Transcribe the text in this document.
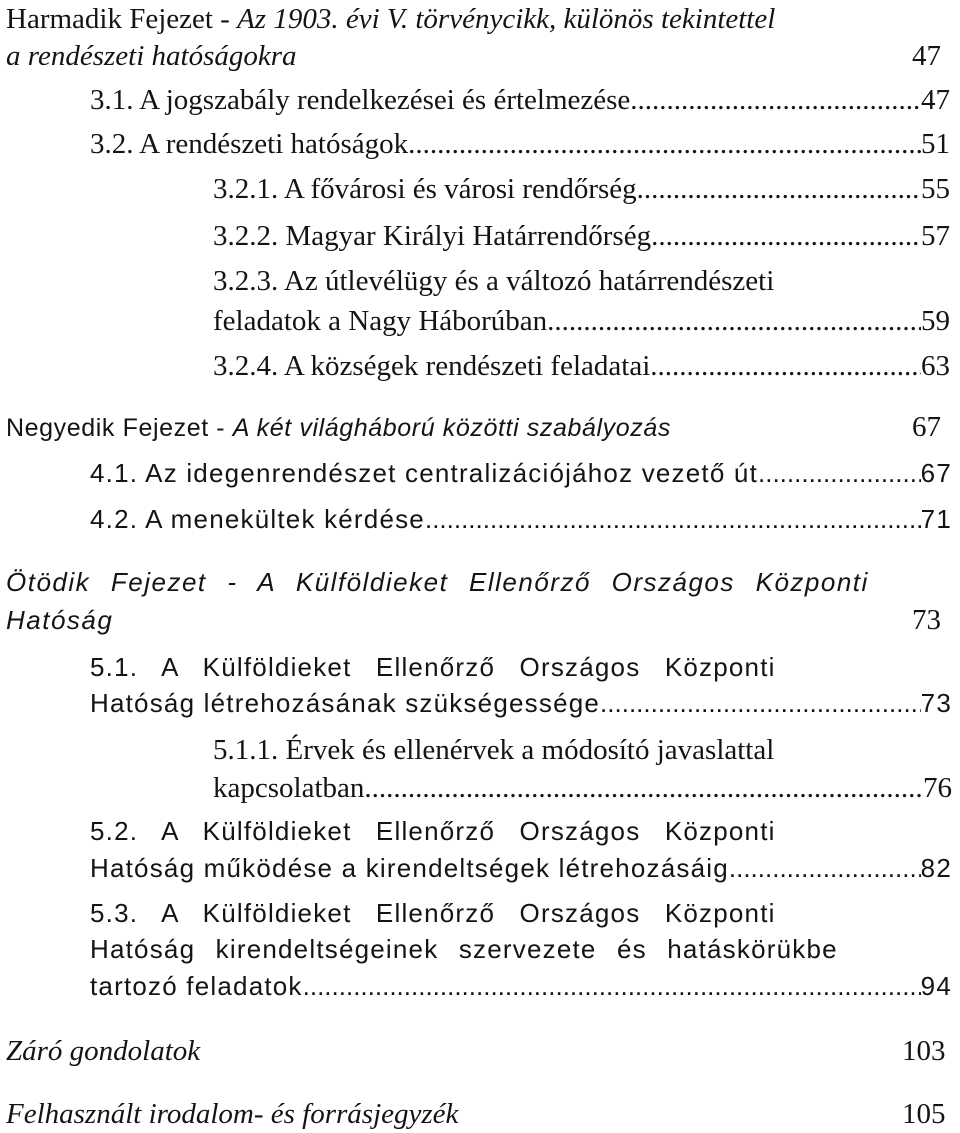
Harmadik Fejezet - Az 1903. évi V. törvénycikk, különös tekintettel
a rendészeti hatóságokra	47
3.1. A jogszabály rendelkezései és értelmezése .....	47
3.2. A rendészeti hatóságok .....	51
3.2.1. A fővárosi és városi rendőrség .....	55
3.2.2. Magyar Királyi Határrendőrség .....	57
3.2.3. Az útlevélügy és a változó határrendészeti
feladatok a Nagy Háborúban .....	59
3.2.4. A községek rendészeti feladatai .....	63
Negyedik Fejezet - A két világháború közötti szabályozás	67
4.1. Az idegenrendészet centralizációjához vezető út .....	67
4.2. A menekültek kérdése .....	71
Ötödik Fejezet - A Külföldieket Ellenőrző Országos Központi
Hatóság	73
5.1. A Külföldieket Ellenőrző Országos Központi
Hatóság létrehozásának szükségessége .....	73
5.1.1. Érvek és ellenérvek a módosító javaslattal
kapcsolatban .....	76
5.2. A Külföldieket Ellenőrző Országos Központi
Hatóság működése a kirendeltségek létrehozásáig .....	82
5.3. A Külföldieket Ellenőrző Országos Központi
Hatóság kirendeltségeinek szervezete és hatáskörükbe
tartozó feladatok .....	94
Záró gondolatok	103
Felhasznált irodalom- és forrásjegyzék	105
